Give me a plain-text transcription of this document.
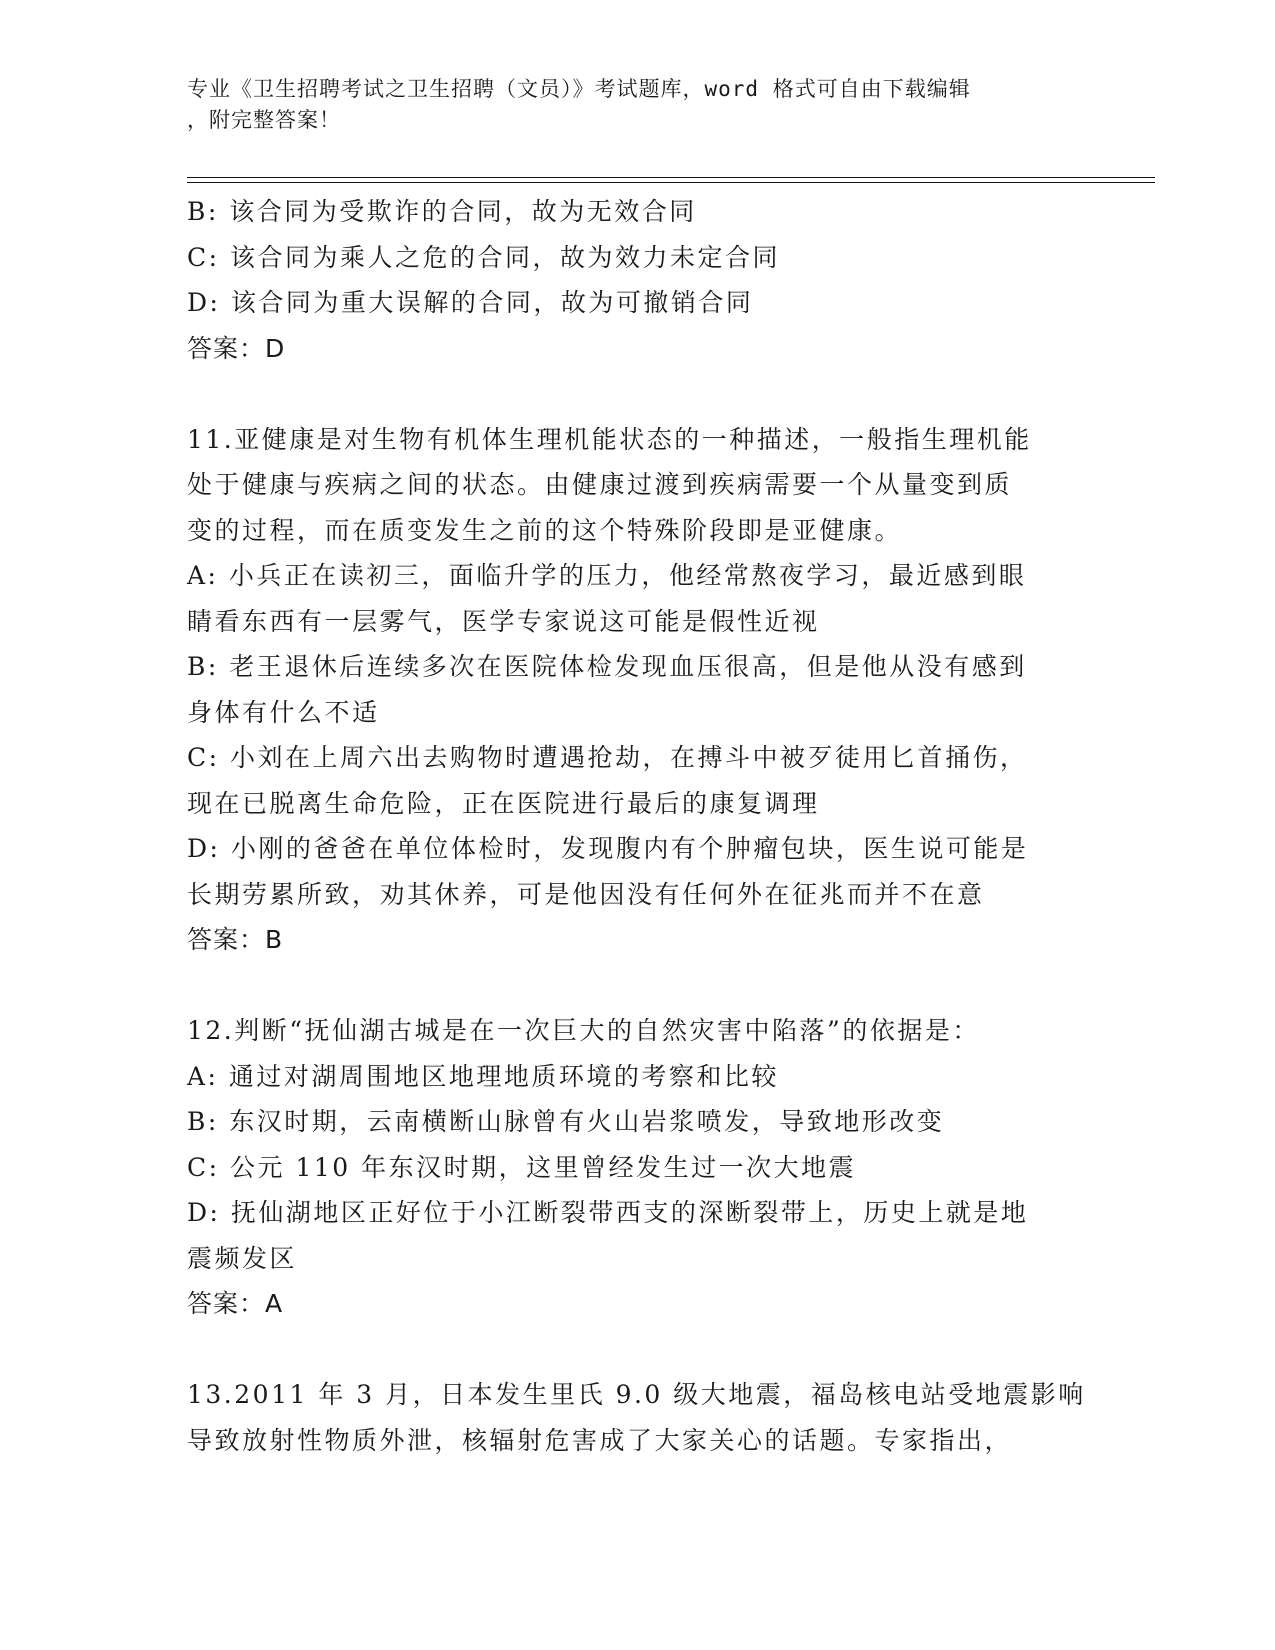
专业《卫生招聘考试之卫生招聘（文员）》考试题库，word 格式可自由下载编辑
，附完整答案！
B: 该合同为受欺诈的合同，故为无效合同
C: 该合同为乘人之危的合同，故为效力未定合同
D: 该合同为重大误解的合同，故为可撤销合同
答案：D
11.亚健康是对生物有机体生理机能状态的一种描述，一般指生理机能
处于健康与疾病之间的状态。由健康过渡到疾病需要一个从量变到质
变的过程，而在质变发生之前的这个特殊阶段即是亚健康。
A: 小兵正在读初三，面临升学的压力，他经常熬夜学习，最近感到眼
睛看东西有一层雾气，医学专家说这可能是假性近视
B: 老王退休后连续多次在医院体检发现血压很高，但是他从没有感到
身体有什么不适
C: 小刘在上周六出去购物时遭遇抢劫，在搏斗中被歹徒用匕首捅伤，
现在已脱离生命危险，正在医院进行最后的康复调理
D: 小刚的爸爸在单位体检时，发现腹内有个肿瘤包块，医生说可能是
长期劳累所致，劝其休养，可是他因没有任何外在征兆而并不在意
答案：B
12.判断“抚仙湖古城是在一次巨大的自然灾害中陷落”的依据是：
A: 通过对湖周围地区地理地质环境的考察和比较
B: 东汉时期，云南横断山脉曾有火山岩浆喷发，导致地形改变
C: 公元 110 年东汉时期，这里曾经发生过一次大地震
D: 抚仙湖地区正好位于小江断裂带西支的深断裂带上，历史上就是地
震频发区
答案：A
13.2011 年 3 月，日本发生里氏 9.0 级大地震，福岛核电站受地震影响
导致放射性物质外泄，核辐射危害成了大家关心的话题。专家指出，
